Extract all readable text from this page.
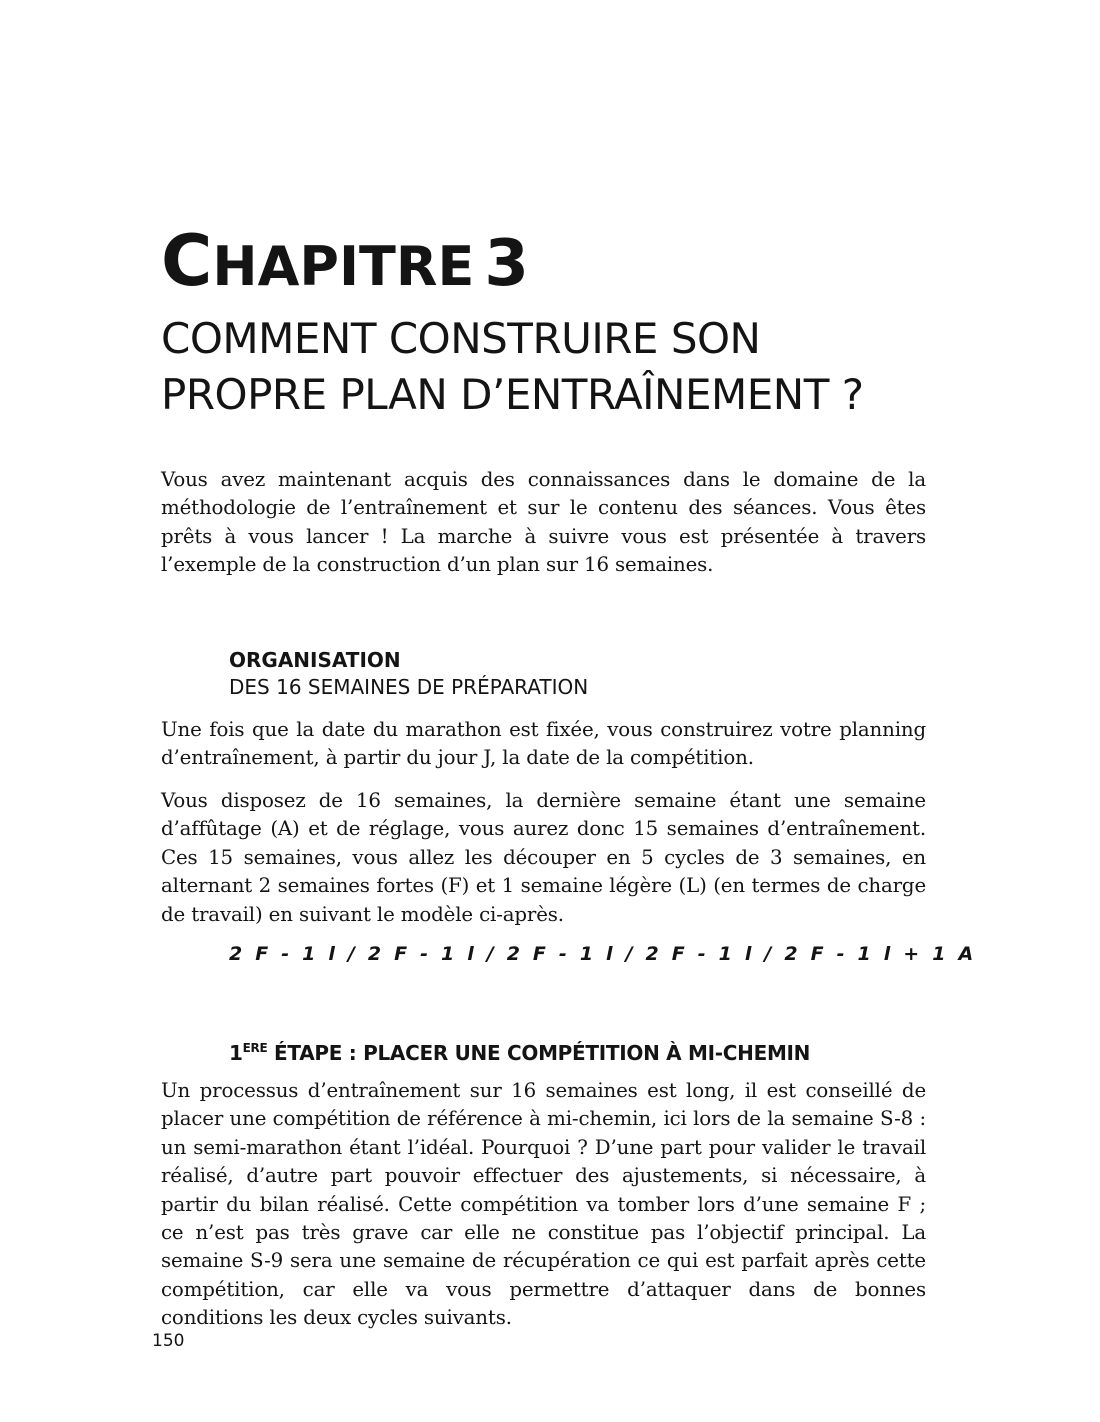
CHAPITRE 3
COMMENT CONSTRUIRE SON
PROPRE PLAN D’ENTRAÎNEMENT ?

Vous avez maintenant acquis des connaissances dans le domaine de la méthodologie de l’entraînement et sur le contenu des séances. Vous êtes prêts à vous lancer ! La marche à suivre vous est présentée à travers l’exemple de la construction d’un plan sur 16 semaines.

ORGANISATION
DES 16 SEMAINES DE PRÉPARATION

Une fois que la date du marathon est fixée, vous construirez votre planning d’entraînement, à partir du jour J, la date de la compétition.

Vous disposez de 16 semaines, la dernière semaine étant une semaine d’affûtage (A) et de réglage, vous aurez donc 15 semaines d’entraînement. Ces 15 semaines, vous allez les découper en 5 cycles de 3 semaines, en alternant 2 semaines fortes (F) et 1 semaine légère (L) (en termes de charge de travail) en suivant le modèle ci-après.

2 F - 1 l / 2 F - 1 l / 2 F - 1 l / 2 F - 1 l / 2 F - 1 l + 1 A

1ERE ÉTAPE : PLACER UNE COMPÉTITION À MI-CHEMIN

Un processus d’entraînement sur 16 semaines est long, il est conseillé de placer une compétition de référence à mi-chemin, ici lors de la semaine S-8 : un semi-marathon étant l’idéal. Pourquoi ? D’une part pour valider le travail réalisé, d’autre part pouvoir effectuer des ajustements, si nécessaire, à partir du bilan réalisé. Cette compétition va tomber lors d’une semaine F ; ce n’est pas très grave car elle ne constitue pas l’objectif principal. La semaine S-9 sera une semaine de récupération ce qui est parfait après cette compétition, car elle va vous permettre d’attaquer dans de bonnes conditions les deux cycles suivants.

150
